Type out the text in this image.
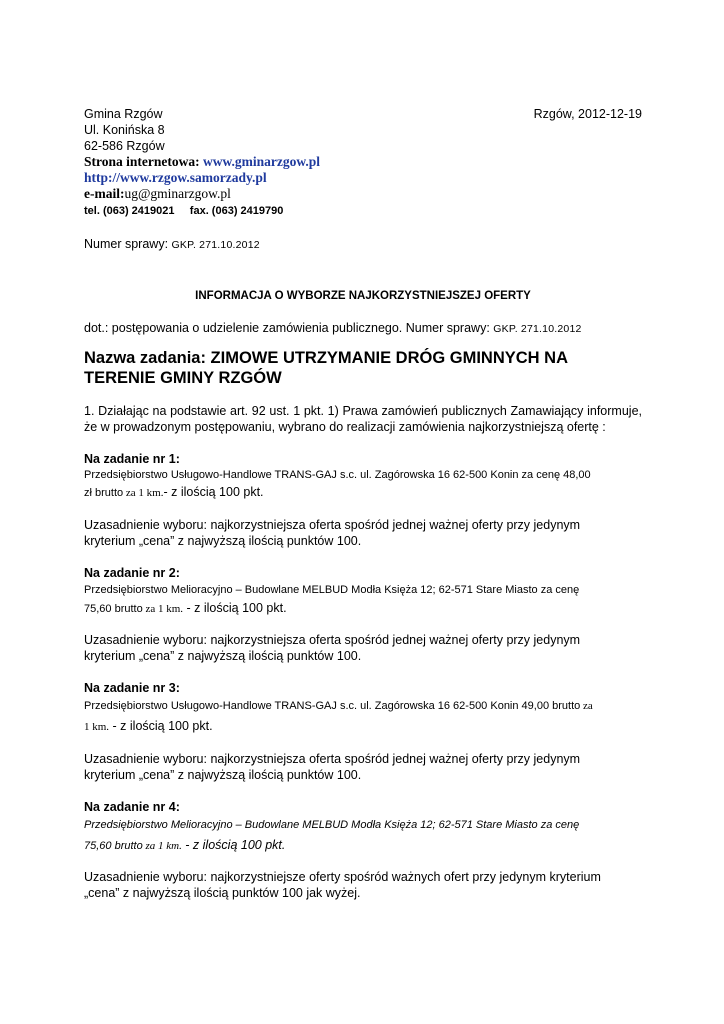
Rzgów, 2012-12-19
Gmina Rzgów
Ul. Konińska 8
62-586 Rzgów
Strona internetowa: www.gminarzgow.pl
http://www.rzgow.samorzady.pl
e-mail:ug@gminarzgow.pl
tel. (063) 2419021     fax. (063) 2419790
Numer sprawy: GKP. 271.10.2012
INFORMACJA O WYBORZE NAJKORZYSTNIEJSZEJ OFERTY
dot.: postępowania o udzielenie zamówienia publicznego. Numer sprawy: GKP. 271.10.2012
Nazwa zadania: ZIMOWE UTRZYMANIE DRÓG GMINNYCH NA
TERENIE GMINY RZGÓW
1. Działając na podstawie art. 92 ust. 1 pkt. 1) Prawa zamówień publicznych Zamawiający informuje, że w prowadzonym postępowaniu, wybrano do realizacji zamówienia najkorzystniejszą ofertę :
Na zadanie nr 1:
Przedsiębiorstwo Usługowo-Handlowe TRANS-GAJ s.c. ul. Zagórowska 16 62-500 Konin za cenę 48,00
zł brutto za 1 km.- z ilością 100 pkt.
Uzasadnienie wyboru: najkorzystniejsza oferta spośród jednej ważnej oferty przy jedynym
kryterium „cena” z najwyższą ilością punktów 100.
Na zadanie nr 2:
Przedsiębiorstwo Melioracyjno – Budowlane MELBUD Modła Księża 12; 62-571 Stare Miasto za cenę
75,60 brutto za 1 km. - z ilością 100 pkt.
Uzasadnienie wyboru: najkorzystniejsza oferta spośród jednej ważnej oferty przy jedynym
kryterium „cena” z najwyższą ilością punktów 100.
Na zadanie nr 3:
Przedsiębiorstwo Usługowo-Handlowe TRANS-GAJ s.c. ul. Zagórowska 16 62-500 Konin 49,00 brutto za
1 km. - z ilością 100 pkt.
Uzasadnienie wyboru: najkorzystniejsza oferta spośród jednej ważnej oferty przy jedynym
kryterium „cena” z najwyższą ilością punktów 100.
Na zadanie nr 4:
Przedsiębiorstwo Melioracyjno – Budowlane MELBUD Modła Księża 12; 62-571 Stare Miasto za cenę
75,60 brutto za 1 km. - z ilością 100 pkt.
Uzasadnienie wyboru: najkorzystniejsze oferty spośród ważnych ofert przy jedynym kryterium
„cena” z najwyższą ilością punktów 100 jak wyżej.
